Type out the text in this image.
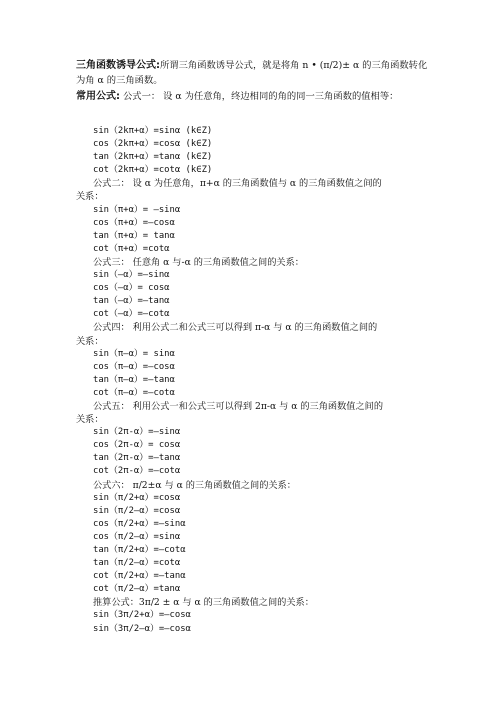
三角函数诱导公式:所谓三角函数诱导公式，就是将角 n • (π/2)± α 的三角函数转化
为角 α 的三角函数。
常用公式: 公式一： 设 α 为任意角，终边相同的角的同一三角函数的值相等：
sin（2kπ+α）=sinα (k∈Z)
cos（2kπ+α）=cosα (k∈Z)
tan（2kπ+α）=tanα (k∈Z)
cot（2kπ+α）=cotα (k∈Z)
公式二： 设 α 为任意角，π+α 的三角函数值与 α 的三角函数值之间的
关系：
sin（π+α）= —sinα
cos（π+α）=—cosα
tan（π+α）= tanα
cot（π+α）=cotα
公式三： 任意角 α 与-α 的三角函数值之间的关系：
sin（—α）=—sinα
cos（—α）= cosα
tan（—α）=—tanα
cot（—α）=—cotα
公式四： 利用公式二和公式三可以得到 π-α 与 α 的三角函数值之间的
关系：
sin（π—α）= sinα
cos（π—α）=—cosα
tan（π—α）=—tanα
cot（π—α）=—cotα
公式五： 利用公式一和公式三可以得到 2π-α 与 α 的三角函数值之间的
关系：
sin（2π-α）=—sinα
cos（2π-α）= cosα
tan（2π-α）=—tanα
cot（2π-α）=—cotα
公式六： π/2±α 与 α 的三角函数值之间的关系：
sin（π/2+α）=cosα
sin（π/2—α）=cosα
cos（π/2+α）=—sinα
cos（π/2—α）=sinα
tan（π/2+α）=—cotα
tan（π/2—α）=cotα
cot（π/2+α）=—tanα
cot（π/2—α）=tanα
推算公式：3π/2 ± α 与 α 的三角函数值之间的关系：
sin（3π/2+α）=—cosα
sin（3π/2—α）=—cosα
